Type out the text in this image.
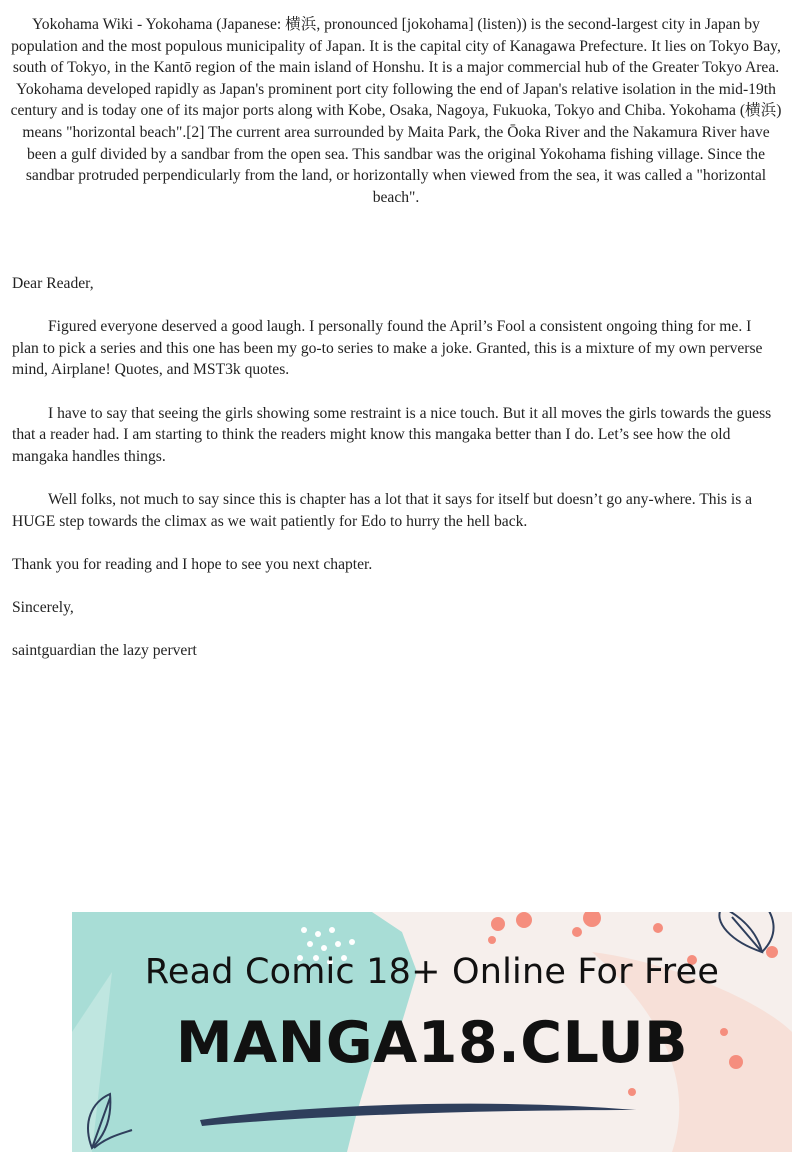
Yokohama Wiki - Yokohama (Japanese: 横浜, pronounced [jokohama] (listen)) is the second-largest city in Japan by population and the most populous municipality of Japan. It is the capital city of Kanagawa Prefecture. It lies on Tokyo Bay, south of Tokyo, in the Kantō region of the main island of Honshu. It is a major commercial hub of the Greater Tokyo Area. Yokohama developed rapidly as Japan's prominent port city following the end of Japan's relative isolation in the mid-19th century and is today one of its major ports along with Kobe, Osaka, Nagoya, Fukuoka, Tokyo and Chiba. Yokohama (横浜) means "horizontal beach".[2] The current area surrounded by Maita Park, the Ōoka River and the Nakamura River have been a gulf divided by a sandbar from the open sea. This sandbar was the original Yokohama fishing village. Since the sandbar protruded perpendicularly from the land, or horizontally when viewed from the sea, it was called a "horizontal beach".

Dear Reader,

Figured everyone deserved a good laugh. I personally found the April’s Fool a consistent ongoing thing for me. I plan to pick a series and this one has been my go-to series to make a joke. Granted, this is a mixture of my own perverse mind, Airplane! Quotes, and MST3k quotes.

I have to say that seeing the girls showing some restraint is a nice touch. But it all moves the girls towards the guess that a reader had. I am starting to think the readers might know this mangaka better than I do. Let’s see how the old mangaka handles things.

Well folks, not much to say since this is chapter has a lot that it says for itself but doesn’t go any-where. This is a HUGE step towards the climax as we wait patiently for Edo to hurry the hell back.

Thank you for reading and I hope to see you next chapter.

Sincerely,

saintguardian the lazy pervert

Read Comic 18+ Online For Free
MANGA18.CLUB
